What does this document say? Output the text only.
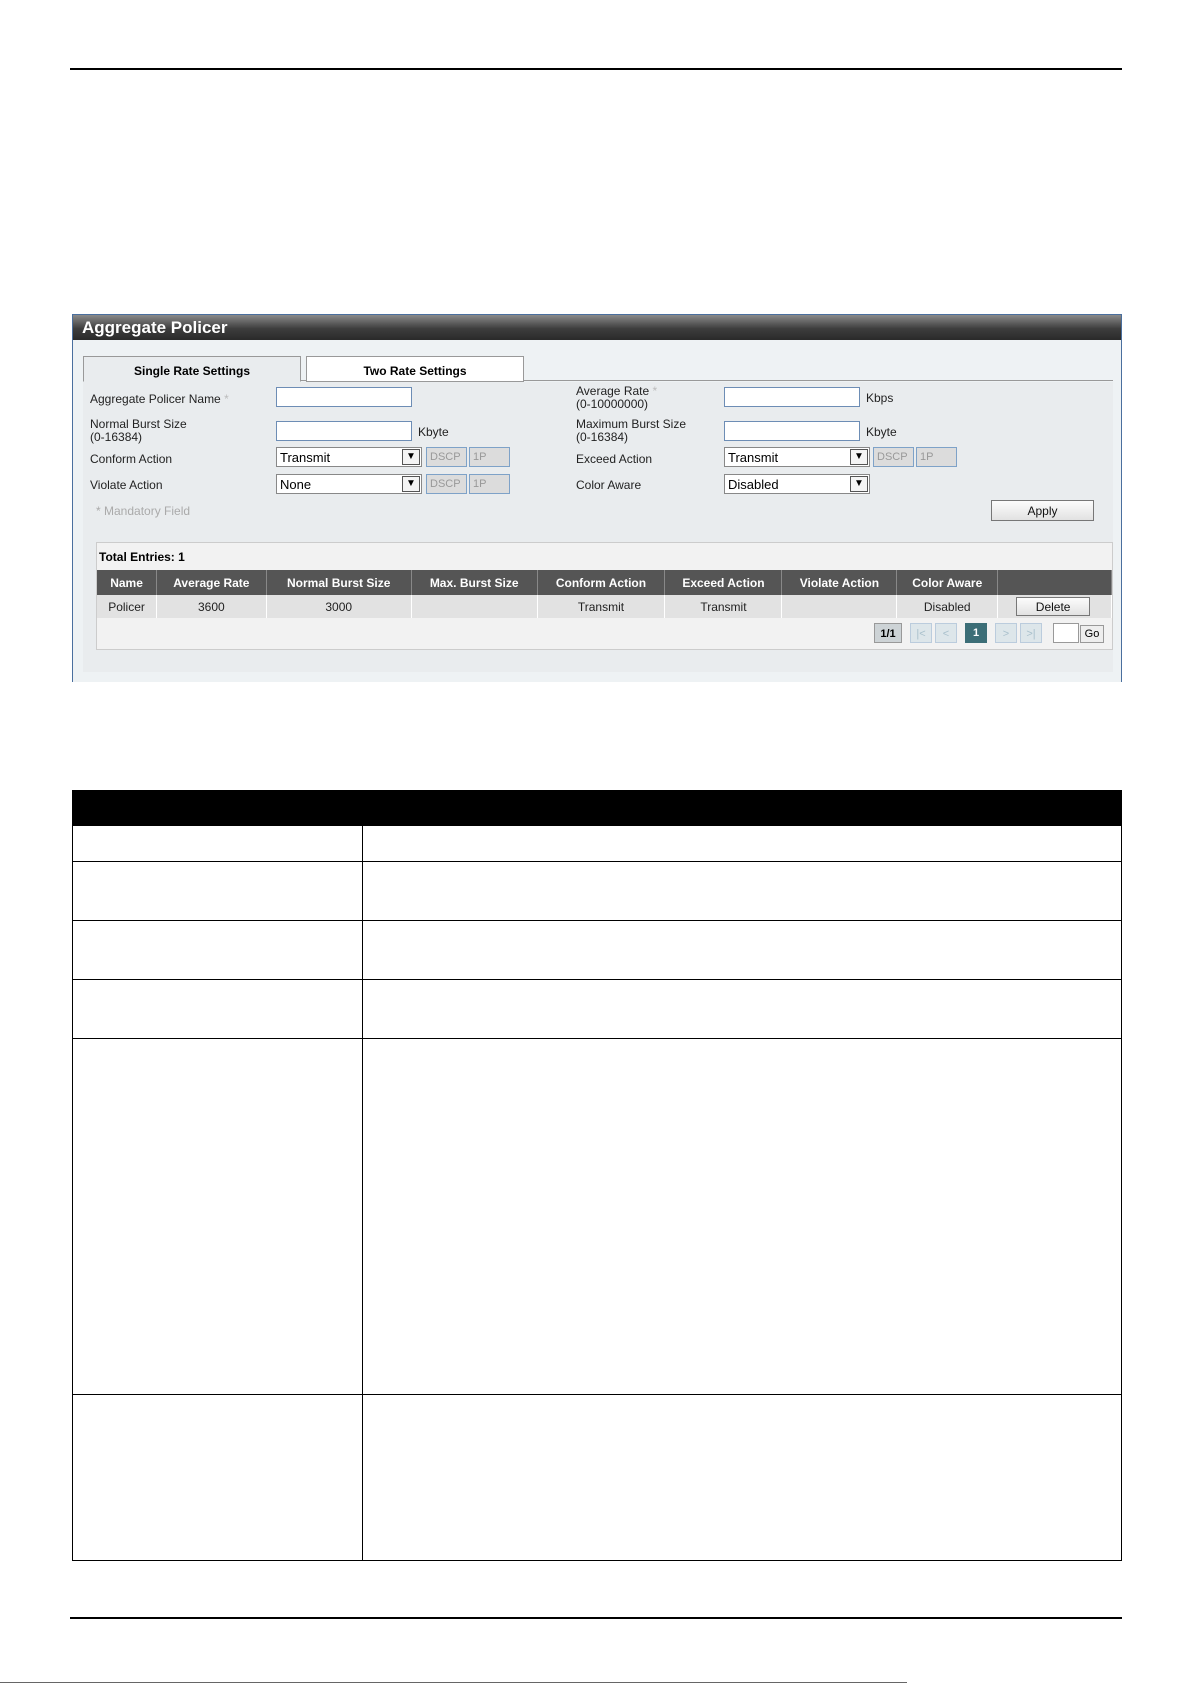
Aggregate Policer
Single Rate Settings	Two Rate Settings
Aggregate Policer Name *
Average Rate *
(0-10000000)	Kbps
Normal Burst Size
(0-16384)	Kbyte
Maximum Burst Size
(0-16384)	Kbyte
Conform Action	Transmit	▼	DSCP	1P	Exceed Action	Transmit	▼	DSCP	1P
Violate Action	None	▼	DSCP	1P	Color Aware	Disabled	▼
* Mandatory Field	Apply
Total Entries: 1
Name	Average Rate	Normal Burst Size	Max. Burst Size	Conform Action	Exceed Action	Violate Action	Color Aware	
Policer	3600	3000		Transmit	Transmit		Disabled	Delete
1/1	|<	<	1	>	>|	Go
